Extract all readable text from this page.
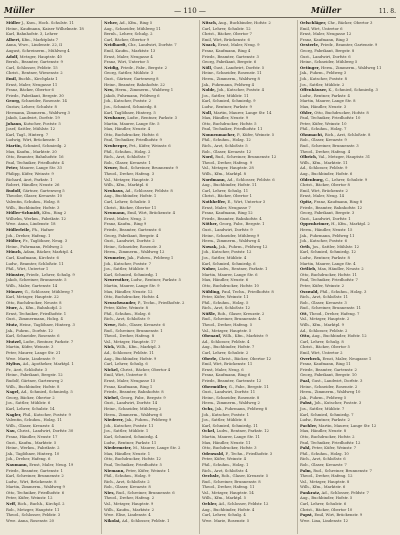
Müller	— 110 —	Müller	11. 8.
Müller J., Ksm., Hoch. Schulstr. 11
Heinr., Kaufmann, Kaiser Wilhelmstr. 18
Karl, Bahnhofstr. 3, Lehrer
Albert, Kfm., Marktplatz 7
Anna, Wwe., Lindenstr. 22, II
August, Schreinerm., Mühlweg 4
Adolf, Metzger, Hauptstr. 40
Bernh., Beamter, Gartenstr. 9
Carl, Schlosser, Feldstr. 15
Christ., Rentner, Wiesenstr. 2
Emil, Buchh., Kirchplatz 1
Ernst, Maler, Neugasse 11
Franz, Bäcker, Obertor 6
Friedr., Fabrikant, Bergstr. 30
Georg, Schneider, Rosenstr. 14
Gustav, Lehrer, Schulstr. 8
Hermann, Zimmerm., Waldweg 3
Jakob, Landwirt, Dorfstr. 19
Johann, Kutscher, Poststr. 5
Josef, Sattler, Mühlstr. 12
Karl, Tagl., Hinterg. 7
Ludwig, Wirt, Brückenstr. 1
Martin, Schmied, Schmiedg. 2
Max, Kaufm., Marktstr. 20
Otto, Beamter, Bahnhofstr. 16
Paul, Techniker, Friedhofstr. 4
Peter, Maurer, Lange Str. 33
Philipp, Küfer, Weinstr. 9
Richard, Arzt, Parkstr. 1
Robert, Händler, Neustr. 26
Rudolf, Gärtner, Gartenweg 5
Theodor, Glaser, Kreuzstr. 10
Valentin, Schuhm., Holzg. 8
Wilh., Buchbinder, Hofstr. 3
Müller-Schmidt, Kfm., Ring 2
Wilhelm, Werkm., Fabrikstr. 12
Wwe. Anna, Lindenstr. 18
Müllerleile, Ph., Hafner
Joh., Dreher, Hafeng. 1
Mülter, Fr., Taglöhner, Neug. 3
Heinr., Fuhrmann, Feldweg 2
Münch, Adam, Bäcker, Marktpl. 4
Carl, Kaufmann, Kirchstr. 6
Ludw., Beamter, Schloßstr. 11
Phil., Wirt, Untertor 1
Münster, Friedr., Lehrer, Schulg. 9
Jakob, Schreiner, Brunnenstr. 5
Wilh., Maler, Gartenstr. 14
Münzer, G., Schlosser, Mühlweg 7
Karl, Metzger, Hauptstr. 22
Otto, Buchdrucker, Neustr. 8
Murr, A., Kfm., Bahnhofpl. 2
Ernst, Techniker, Friedhofstr. 1
Gust., Zimmermann, Holzg. 4
Mutz, Heinr., Taglöhner, Hinterg. 3
Jak., Fuhrm., Dorfstr. 12
Karl, Schneider, Rosenstr. 6
Mutzel, Ludw., Rentner, Parkstr. 7
Martin, Küfer, Weinstr. 3
Peter, Maurer, Lange Str. 21
Wwe. Marie, Lindenstr. 9
Mylius, Ad., Apotheker, Marktpl. 1
Fr., Arzt, Schloßstr. 3
Heinr., Fabrikant, Bergstr. 12
Rudolf, Gärtner, Gartenweg 2
Wilh., Buchbinder, Hofstr. 8
Nagel, Ad., Schmied, Schmiedg. 5
Georg, Bäcker, Obertor 2
Jos., Sattler, Mühlstr. 6
Karl, Lehrer, Schulstr. 14
Nagler, Phil., Kutscher, Poststr. 9
Valentin, Schuhm., Holzg. 11
Wilh., Glaser, Kreuzstr. 4
Nau, Christ., Landwirt, Dorfstr. 30
Franz, Händler, Neustr. 17
Gust., Kaufm., Marktstr. 5
Heinr., Werkm., Fabrikstr. 2
Jak., Taglöhner, Hinterg. 10
Joh., Dreher, Hafeng. 6
Naumann, Ernst, Maler, Neug. 19
Friedr., Beamter, Gartenstr. 1
Karl, Schreiner, Brunnenstr. 2
Ludw., Wirt, Brückenstr. 8
Martin, Zimmerm., Waldweg 9
Otto, Techniker, Friedhofstr. 6
Peter, Küfer, Weinstr. 12
Neff, Rich., Buchh., Kirchpl. 2
Rob., Metzger, Hauptstr. 11
Theod., Schlosser, Feldstr. 3
Wwe. Anna, Rosenstr. 20
Neher, Ad., Kfm., Ring 5
Aug., Schneider, Mühlweg 11
Bernh., Lehrer, Schulg. 2
Carl, Bäcker, Obertor 9
Neidhardt, Chr., Landwirt, Dorfstr. 7
Emil, Kaufm., Marktstr. 13
Ernst, Maler, Neugasse 4
Franz, Wirt, Untertor 5
Neidig, Friedr., Fabr., Bergstr. 2
Georg, Sattler, Mühlstr. 3
Gust., Gärtner, Gartenweg 8
Heinr., Beamter, Bahnhofstr. 22
Neu, Herm., Zimmerm., Waldweg 1
Jakob, Fuhrmann, Feldweg 6
Joh., Kutscher, Poststr. 2
Jos., Schmied, Schmiedg. 8
Karl, Taglöhner, Hinterg. 5
Neubauer, Ludw., Rentner, Parkstr. 3
Martin, Maurer, Lange Str. 5
Max, Händler, Neustr. 4
Otto, Buchdrucker, Hofstr. 6
Paul, Techniker, Friedhofstr. 9
Neuberger, Pet., Küfer, Weinstr. 6
Phil., Schuhm., Holzg. 2
Rich., Arzt, Schloßstr. 7
Rob., Glaser, Kreuzstr. 1
Neuer, Rud., Schreiner, Brunnenstr. 9
Theod., Dreher, Hafeng. 3
Val., Metzger, Hauptstr. 3
Wilh., Kfm., Marktpl. 6
Neuhaus, Ad., Schlosser, Feldstr. 8
Aug., Buchbinder, Hofstr. 1
Carl, Lehrer, Schulstr. 5
Christ., Bäcker, Obertor 11
Neumann, Emil, Wirt, Brückenstr. 4
Ernst, Maler, Neug. 2
Franz, Kaufm., Ring 9
Friedr., Beamter, Gartenstr. 6
Georg, Fabrikant, Bergstr. 4
Gust., Landwirt, Dorfstr. 2
Heinr., Schneider, Rosenstr. 3
Herm., Zimmerm., Waldweg 12
Neumeier, Jak., Fuhrm., Feldweg 1
Joh., Kutscher, Poststr. 7
Jos., Sattler, Mühlstr. 9
Karl, Schmied, Schmiedg. 1
Neureuther, Ludw., Rentner, Parkstr. 5
Martin, Maurer, Lange Str. 9
Max, Händler, Neustr. 12
Otto, Buchdrucker, Hofstr. 4
Neuschwander, P., Techn., Friedhofstr. 2
Peter, Küfer, Weinstr. 8
Phil., Schuhm., Holzg. 6
Rich., Arzt, Schloßstr. 9
Newe, Rob., Glaser, Kreuzstr. 6
Rud., Schreiner, Brunnenstr. 1
Theod., Dreher, Hafeng. 8
Val., Metzger, Hauptstr. 17
Nick, Wilh., Kfm., Marktpl. 3
Ad., Schlosser, Feldstr. 11
Aug., Buchbinder, Hofstr. 9
Carl, Lehrer, Schulg. 6
Nickel, Christ., Bäcker, Obertor 4
Emil, Wirt, Untertor 8
Ernst, Maler, Neugasse 15
Franz, Kaufmann, Ring 1
Friedr., Beamter, Bahnhofstr. 8
Niebel, Georg, Fabr., Bergstr. 9
Gust., Landwirt, Dorfstr. 14
Heinr., Schneider, Mühlweg 2
Herm., Zimmerm., Waldweg 6
Niederer, Jak., Fuhrm., Feldweg 9
Joh., Kutscher, Poststr. 11
Jos., Sattler, Mühlstr. 1
Karl, Schmied, Schmiedg. 4
Ludw., Rentner, Parkstr. 11
Niedermeier, M., Maurer, Lange Str. 2
Max, Händler, Neustr. 1
Otto, Buchdrucker, Hofstr. 12
Paul, Techniker, Friedhofstr. 5
Niemann, Peter, Küfer, Weinstr. 1
Phil., Schuhm., Holzg. 9
Rich., Arzt, Schloßstr. 2
Rob., Glaser, Kreuzstr. 8
Nies, Rud., Schreiner, Brunnenstr. 6
Theod., Dreher, Hafeng. 2
Val., Metzger, Hauptstr. 9
Wilh., Kaufm., Marktstr. 2
Wwe. Elise, Lindenstr. 4
Nikolai, Ad., Schlosser, Feldstr. 1
Nitsch, Aug., Buchbinder, Hofstr. 2
Carl, Lehrer, Schulstr. 12
Christ., Bäcker, Obertor 7
Emil, Wirt, Brückenstr. 6
Noack, Ernst, Maler, Neug. 9
Franz, Kaufmann, Ring 4
Friedr., Beamter, Gartenstr. 3
Georg, Fabrikant, Bergstr. 6
Nöll, Gust., Landwirt, Dorfstr. 5
Heinr., Schneider, Rosenstr. 11
Herm., Zimmerm., Waldweg 8
Jak., Fuhrmann, Feldweg 4
Nolde, Joh., Kutscher, Poststr. 4
Jos., Sattler, Mühlstr. 11
Karl, Schmied, Schmiedg. 9
Ludw., Rentner, Parkstr. 9
Noll, Martin, Maurer, Lange Str. 14
Max, Händler, Neustr. 9
Otto, Buchdrucker, Hofstr. 5
Paul, Techniker, Friedhofstr. 11
Nonnenmacher, P., Küfer, Weinstr. 5
Phil., Schuhm., Holzg. 12
Rich., Arzt, Schloßstr. 5
Rob., Glaser, Kreuzstr. 12
Nord, Rud., Schreiner, Brunnenstr. 12
Theod., Dreher, Hafeng. 9
Val., Metzger, Hauptstr. 28
Wilh., Kfm., Marktpl. 8
Nordmann, Ad., Schlosser, Feldstr. 6
Aug., Buchbinder, Hofstr. 11
Carl, Lehrer, Schulg. 11
Christ., Bäcker, Obertor 1
Nothhelfer, E., Wirt, Untertor 3
Ernst, Maler, Neugasse 7
Franz, Kaufmann, Ring 12
Friedr., Beamter, Bahnhofstr. 4
Nöther, Georg, Fabr., Bergstr. 1
Gust., Landwirt, Dorfstr. 9
Heinr., Schneider, Mühlweg 9
Herm., Zimmerm., Waldweg 4
Nowak, Jak., Fuhrm., Feldweg 12
Joh., Kutscher, Poststr. 12
Jos., Sattler, Mühlstr. 4
Karl, Schmied, Schmiedg. 6
Nuber, Ludw., Rentner, Parkstr. 1
Martin, Maurer, Lange Str. 6
Max, Händler, Neustr. 6
Otto, Buchdrucker, Hofstr. 10
Nübling, Paul, Techn., Friedhofstr. 8
Peter, Küfer, Weinstr. 11
Phil., Schuhm., Holzg. 5
Rich., Arzt, Schloßstr. 12
Nüßle, Rob., Glaser, Kreuzstr. 2
Rud., Schreiner, Brunnenstr. 4
Theod., Dreher, Hafeng. 5
Val., Metzger, Hauptstr. 5
Obenauf, Wilh., Kfm., Marktstr. 9
Ad., Schlosser, Feldstr. 4
Aug., Buchbinder, Hofstr. 7
Carl, Lehrer, Schulstr. 2
Oberle, Christ., Bäcker, Obertor 12
Emil, Wirt, Brückenstr. 11
Ernst, Maler, Neug. 6
Franz, Kaufmann, Ring 6
Friedr., Beamter, Gartenstr. 12
Obermüller, G., Fabr., Bergstr. 11
Gust., Landwirt, Dorfstr. 11
Heinr., Schneider, Rosenstr. 8
Herm., Zimmerm., Waldweg 2
Ochs, Jak., Fuhrmann, Feldweg 8
Joh., Kutscher, Poststr. 1
Jos., Sattler, Mühlstr. 8
Karl, Schmied, Schmiedg. 11
Ockel, Ludw., Rentner, Parkstr. 12
Martin, Maurer, Lange Str. 11
Max, Händler, Neustr. 11
Otto, Buchdrucker, Hofstr. 3
Odenwald, P., Techn., Friedhofstr. 3
Peter, Küfer, Weinstr. 4
Phil., Schuhm., Holzg. 1
Rich., Arzt, Schloßstr. 4
Oechsle, Rob., Glaser, Kreuzstr. 5
Rud., Schreiner, Brunnenstr. 8
Theod., Dreher, Hafeng. 11
Val., Metzger, Hauptstr. 14
Wilh., Kfm., Marktpl. 5
Oehler, Ad., Schlosser, Feldstr. 12
Aug., Buchbinder, Hofstr. 4
Carl, Lehrer, Schulg. 4
Wwe. Marie, Rosenstr. 5
Oelschläger, Chr., Bäcker, Obertor 3
Emil, Wirt, Untertor 6
Ernst, Maler, Neugasse 12
Franz, Kaufmann, Ring 3
Oesterle, Friedr., Beamter, Gartenstr. 9
Georg, Fabrikant, Bergstr. 8
Gust., Landwirt, Dorfstr. 6
Heinr., Schneider, Mühlweg 5
Oetinger, Herm., Zimmerm., Waldweg 11
Jak., Fuhrm., Feldweg 3
Joh., Kutscher, Poststr. 8
Jos., Sattler, Mühlstr. 2
Offenhäuser, K., Schmied, Schmiedg. 3
Ludw., Rentner, Parkstr. 4
Martin, Maurer, Lange Str. 8
Max, Händler, Neustr. 3
Ohler, Otto, Buchdrucker, Hofstr. 8
Paul, Techniker, Friedhofstr. 10
Peter, Küfer, Weinstr. 10
Phil., Schuhm., Holzg. 7
Ohnmacht, Rich., Arzt, Schloßstr. 8
Rob., Glaser, Kreuzstr. 9
Rud., Schreiner, Brunnenstr. 3
Theod., Dreher, Hafeng. 4
Olbrich, Val., Metzger, Hauptstr. 31
Wilh., Kfm., Marktstr. 11
Ad., Schlosser, Feldstr. 9
Aug., Buchbinder, Hofstr. 6
Oldenburg, C., Lehrer, Schulstr. 9
Christ., Bäcker, Obertor 8
Emil, Wirt, Brückenstr. 2
Ernst, Maler, Neug. 14
Opitz, Franz, Kaufmann, Ring 8
Friedr., Beamter, Bahnhofstr. 12
Georg, Fabrikant, Bergstr. 3
Gust., Landwirt, Dorfstr. 1
Oppenheimer, H., Kfm., Marktpl. 2
Herm., Händler, Neustr. 15
Jak., Fuhrmann, Feldweg 11
Joh., Kutscher, Poststr. 6
Orth, Jos., Sattler, Mühlstr. 12
Karl, Schmied, Schmiedg. 12
Ludw., Rentner, Parkstr. 8
Martin, Maurer, Lange Str. 4
Ortlieb, Max, Händler, Neustr. 2
Otto, Buchdrucker, Hofstr. 11
Paul, Techniker, Friedhofstr. 7
Peter, Küfer, Weinstr. 2
Osswald, Phil., Schuhm., Holzg. 3
Rich., Arzt, Schloßstr. 11
Rob., Glaser, Kreuzstr. 3
Rud., Schreiner, Brunnenstr. 11
Ott, Theod., Dreher, Hafeng. 7
Val., Metzger, Hauptstr. 2
Wilh., Kfm., Marktpl. 9
Ad., Schlosser, Feldstr. 2
Otto, Aug., Buchbinder, Hofstr. 12
Carl, Lehrer, Schulg. 8
Christ., Bäcker, Obertor 5
Emil, Wirt, Untertor 2
Overbeck, Ernst, Maler, Neugasse 1
Franz, Kaufmann, Ring 11
Friedr., Beamter, Gartenstr. 2
Georg, Fabrikant, Bergstr. 10
Paal, Gust., Landwirt, Dorfstr. 3
Heinr., Schneider, Rosenstr. 2
Herm., Zimmerm., Waldweg 10
Jak., Fuhrm., Feldweg 5
Pabst, Joh., Kutscher, Poststr. 3
Jos., Sattler, Mühlstr. 7
Karl, Schmied, Schmiedg. 7
Ludw., Rentner, Parkstr. 2
Pachler, Martin, Maurer, Lange Str. 12
Max, Händler, Neustr. 8
Otto, Buchdrucker, Hofstr. 2
Paul, Techniker, Friedhofstr. 12
Pahl, Peter, Küfer, Weinstr. 7
Phil., Schuhm., Holzg. 10
Rich., Arzt, Schloßstr. 6
Rob., Glaser, Kreuzstr. 7
Palm, Rud., Schreiner, Brunnenstr. 7
Theod., Dreher, Hafeng. 12
Val., Metzger, Hauptstr. 8
Wilh., Kfm., Marktstr. 6
Pankratz, Ad., Schlosser, Feldstr. 7
Aug., Buchbinder, Hofstr. 5
Carl, Lehrer, Schulstr. 6
Christ., Bäcker, Obertor 10
Papst, Emil, Wirt, Brückenstr. 9
Wwe. Lina, Lindenstr. 12
